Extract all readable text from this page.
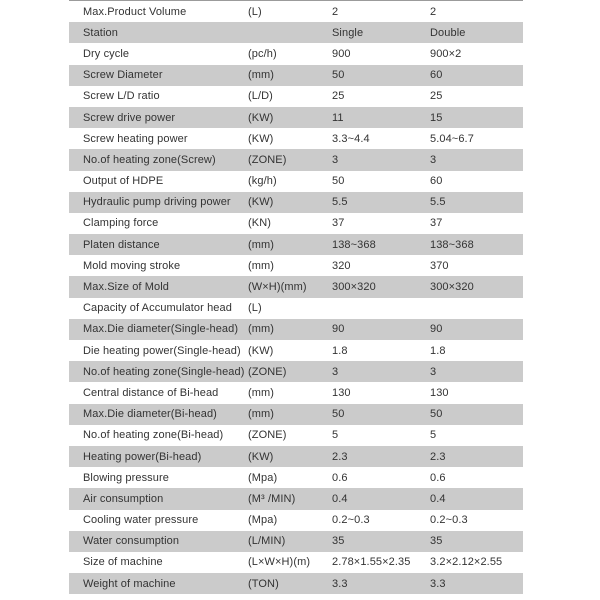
Max.Product Volume	(L)	2	2
Station		Single	Double
Dry cycle	(pc/h)	900	900×2
Screw Diameter	(mm)	50	60
Screw L/D ratio	(L/D)	25	25
Screw drive power	(KW)	11	15
Screw heating power	(KW)	3.3~4.4	5.04~6.7
No.of heating zone(Screw)	(ZONE)	3	3
Output of HDPE	(kg/h)	50	60
Hydraulic pump driving power	(KW)	5.5	5.5
Clamping force	(KN)	37	37
Platen distance	(mm)	138~368	138~368
Mold moving stroke	(mm)	320	370
Max.Size of Mold	(W×H)(mm)	300×320	300×320
Capacity of Accumulator head	(L)		
Max.Die diameter(Single-head)	(mm)	90	90
Die heating power(Single-head)	(KW)	1.8	1.8
No.of heating zone(Single-head)	(ZONE)	3	3
Central distance of Bi-head	(mm)	130	130
Max.Die diameter(Bi-head)	(mm)	50	50
No.of heating zone(Bi-head)	(ZONE)	5	5
Heating power(Bi-head)	(KW)	2.3	2.3
Blowing pressure	(Mpa)	0.6	0.6
Air consumption	(M³ /MIN)	0.4	0.4
Cooling water pressure	(Mpa)	0.2~0.3	0.2~0.3
Water consumption	(L/MIN)	35	35
Size of machine	(L×W×H)(m)	2.78×1.55×2.35	3.2×2.12×2.55
Weight of machine	(TON)	3.3	3.3
